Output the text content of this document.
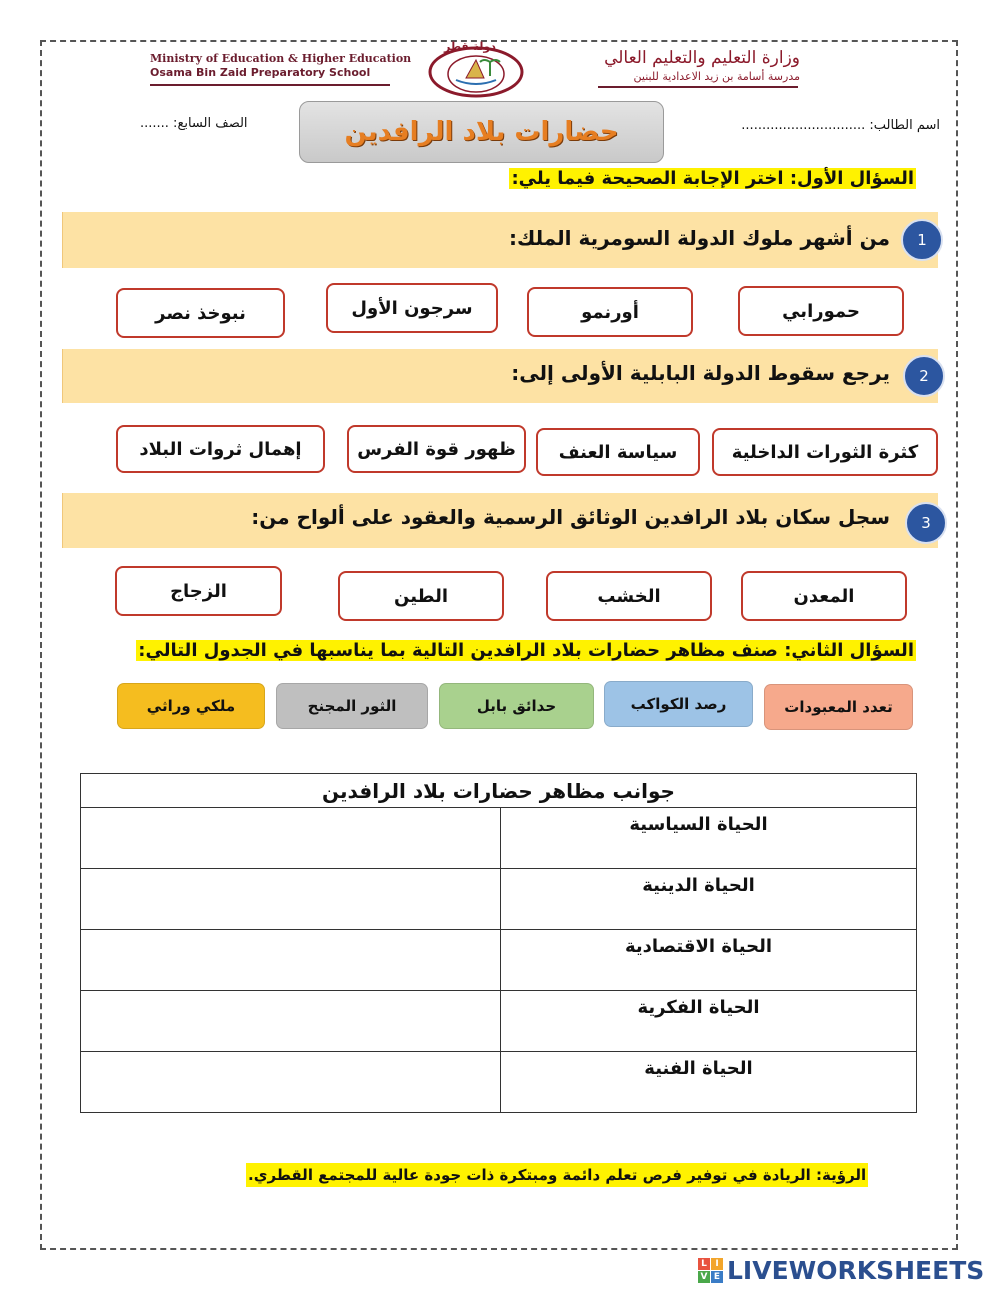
Ministry of Education & Higher Education
Osama Bin Zaid Preparatory School
دولة قطر
وزارة التعليم والتعليم العالي
مدرسة أسامة بن زيد الاعدادية للبنين
الصف السابع: .......	اسم الطالب: ..............................
حضارات بلاد الرافدين
السؤال الأول: اختر الإجابة الصحيحة فيما يلي:
من أشهر ملوك الدولة السومرية الملك:	1
حمورابي
أورنمو
سرجون الأول
نبوخذ نصر
يرجع سقوط الدولة البابلية الأولى إلى:	2
كثرة الثورات الداخلية
سياسة العنف
ظهور قوة الفرس
إهمال ثروات البلاد
سجل سكان بلاد الرافدين الوثائق الرسمية والعقود على ألواح من:	3
المعدن
الخشب
الطين
الزجاج
السؤال الثاني: صنف مظاهر حضارات بلاد الرافدين التالية بما يناسبها في الجدول التالي:
تعدد المعبودات
رصد الكواكب
حدائق بابل
الثور المجنح
ملكي وراثي
جوانب مظاهر حضارات بلاد الرافدين	
	الحياة السياسية
	الحياة الدينية
	الحياة الاقتصادية
	الحياة الفكرية
	الحياة الفنية
الرؤية: الريادة في توفير فرص تعلم دائمة ومبتكرة ذات جودة عالية للمجتمع القطري.
L I
V E LIVEWORKSHEETS
